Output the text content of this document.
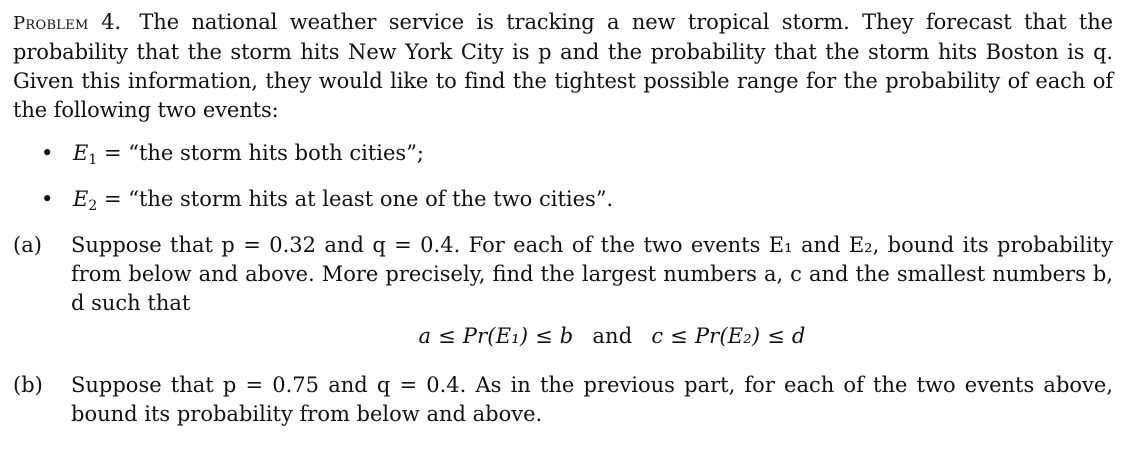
Problem 4. The national weather service is tracking a new tropical storm. They forecast that the probability that the storm hits New York City is p and the probability that the storm hits Boston is q. Given this information, they would like to find the tightest possible range for the probability of each of the following two events:

• $E_1$ = “the storm hits both cities”;
• $E_2$ = “the storm hits at least one of the two cities”.
(a) Suppose that p = 0.32 and q = 0.4. For each of the two events E₁ and E₂, bound its probability from below and above. More precisely, find the largest numbers a, c and the smallest numbers b, d such that
a ≤ Pr(E₁) ≤ b and c ≤ Pr(E₂) ≤ d
(b) Suppose that p = 0.75 and q = 0.4. As in the previous part, for each of the two events above, bound its probability from below and above.
